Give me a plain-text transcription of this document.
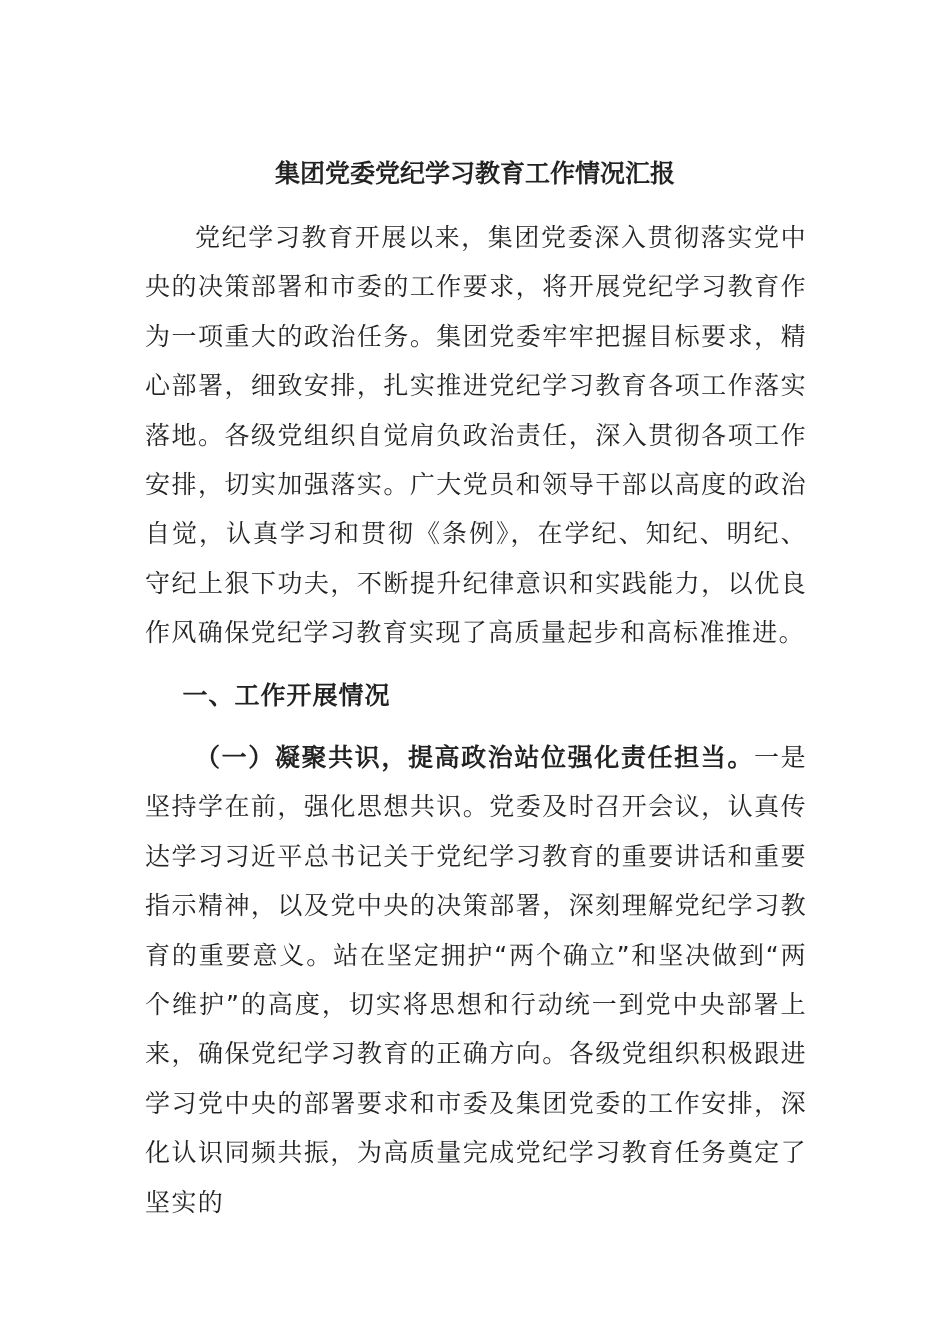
集团党委党纪学习教育工作情况汇报

党纪学习教育开展以来，集团党委深入贯彻落实党中央的决策部署和市委的工作要求，将开展党纪学习教育作为一项重大的政治任务。集团党委牢牢把握目标要求，精心部署，细致安排，扎实推进党纪学习教育各项工作落实落地。各级党组织自觉肩负政治责任，深入贯彻各项工作安排，切实加强落实。广大党员和领导干部以高度的政治自觉，认真学习和贯彻《条例》，在学纪、知纪、明纪、守纪上狠下功夫，不断提升纪律意识和实践能力，以优良作风确保党纪学习教育实现了高质量起步和高标准推进。

一、工作开展情况

（一）凝聚共识，提高政治站位强化责任担当。一是坚持学在前，强化思想共识。党委及时召开会议，认真传达学习习近平总书记关于党纪学习教育的重要讲话和重要指示精神，以及党中央的决策部署，深刻理解党纪学习教育的重要意义。站在坚定拥护“两个确立”和坚决做到“两个维护”的高度，切实将思想和行动统一到党中央部署上来，确保党纪学习教育的正确方向。各级党组织积极跟进学习党中央的部署要求和市委及集团党委的工作安排，深化认识同频共振，为高质量完成党纪学习教育任务奠定了坚实的
